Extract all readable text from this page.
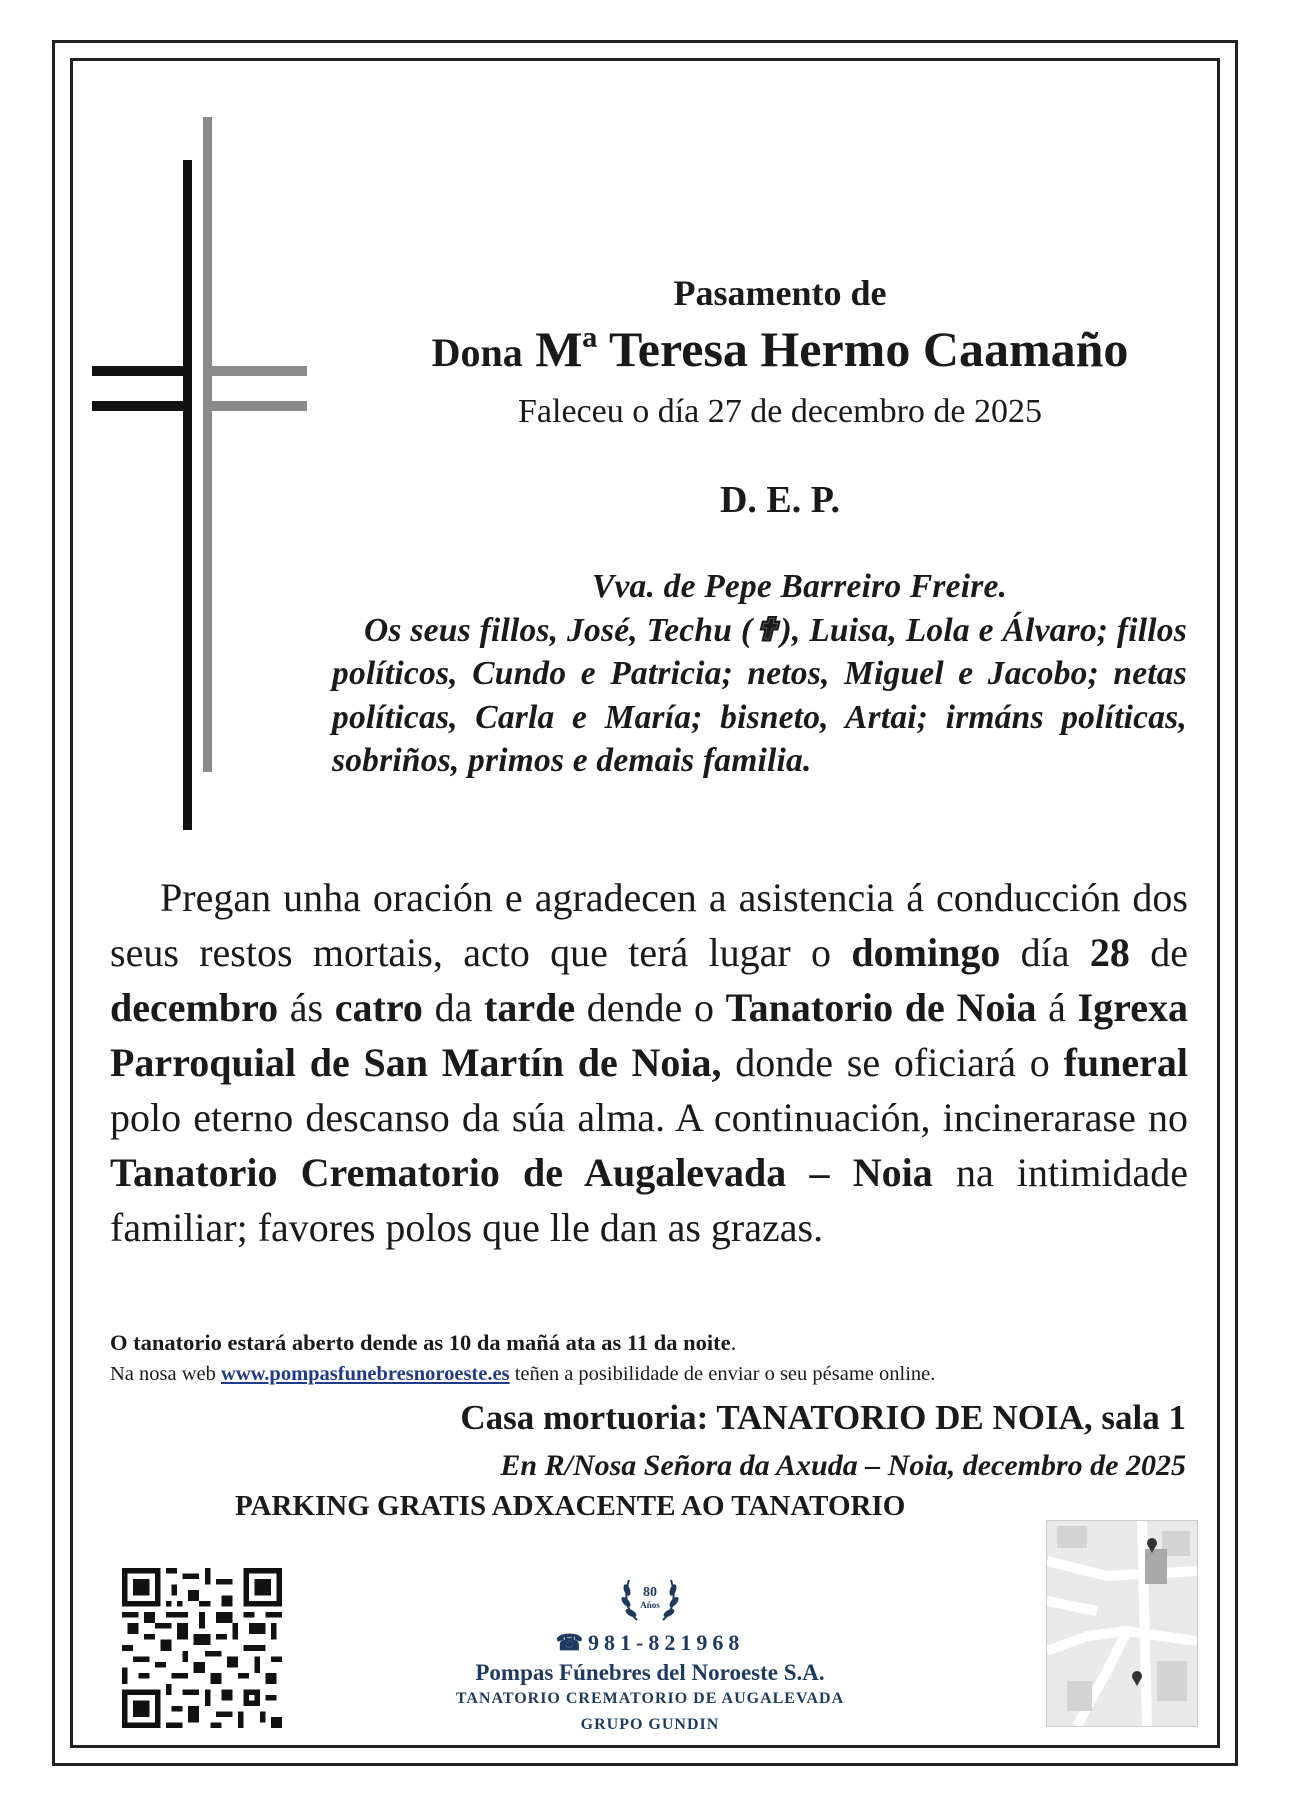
Pasamento de
Dona Mª Teresa Hermo Caamaño
Faleceu o día 27 de decembro de 2025
D. E. P.
Vva. de Pepe Barreiro Freire.
Os seus fillos, José, Techu (✟), Luisa, Lola e Álvaro; fillos políticos, Cundo e Patricia; netos, Miguel e Jacobo; netas políticas, Carla e María; bisneto, Artai; irmáns políticas, sobriños, primos e demais familia.
Pregan unha oración e agradecen a asistencia á conducción dos seus restos mortais, acto que terá lugar o domingo día 28 de decembro ás catro da tarde dende o Tanatorio de Noia á Igrexa Parroquial de San Martín de Noia, donde se oficiará o funeral polo eterno descanso da súa alma. A continuación, incinerarase no Tanatorio Crematorio de Augalevada – Noia na intimidade familiar; favores polos que lle dan as grazas.
O tanatorio estará aberto dende as 10 da mañá ata as 11 da noite.
Na nosa web www.pompasfunebresnoroeste.es teñen a posibilidade de enviar o seu pésame online.
Casa mortuoria: TANATORIO DE NOIA, sala 1
En R/Nosa Señora da Axuda – Noia, decembro de 2025
PARKING GRATIS ADXACENTE AO TANATORIO
80
Años
☎981-821968
Pompas Fúnebres del Noroeste S.A.
TANATORIO CREMATORIO DE AUGALEVADA
GRUPO GUNDIN
